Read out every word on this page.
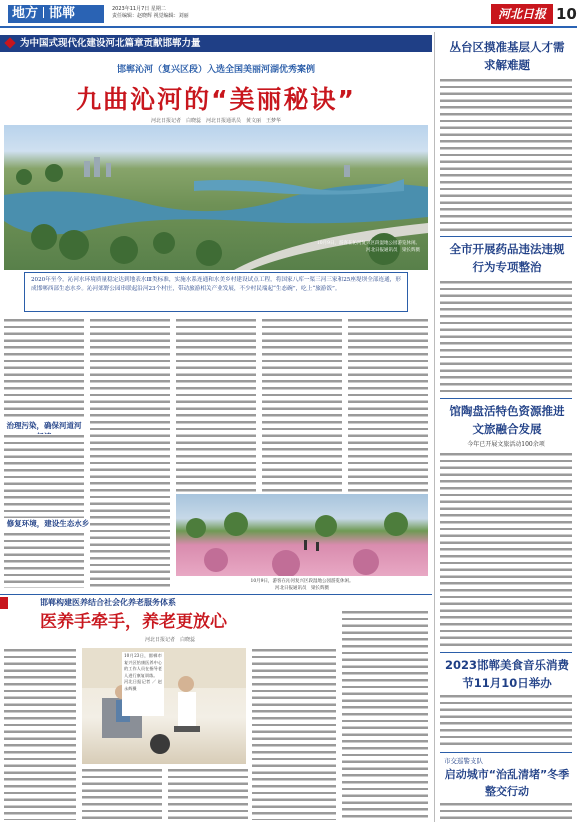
地方 邯郸	2023年11月7日 星期二
责任编辑：赵晓辉 视觉编辑：刘丽	河北日报 10
为中国式现代化建设河北篇章贡献邯郸力量
邯郸沁河（复兴区段）入选全国美丽河湖优秀案例
九曲沁河的“美丽秘诀”
河北日报记者　白晓蕊　河北日报通讯员　黄文丽　王梦华
10月9日，游客在沁河复兴区段湿地公园游览休闲。
河北日报通讯员　梁长辉摄
2020年至今，沁河水环境质量稳定达到地表水Ⅲ类标准，实施水系连通和水美乡村建设试点工程，将国家八库一渠三河三家和25座堤坝全部连通，形成邯郸西部生态水乡。沁河郊野公园串联起沿河23个村庄，带动旅游相关产业发展，不少村民端起“生态碗”，吃上“旅游饭”。
治理污染，确保河道河
修复环境，建设生态水乡
10月9日，游客在沁河复兴区段湿地公园游览休闲。
河北日报通讯员　梁长辉摄
邯郸构建医养结合社会化养老服务体系
医养手牵手，养老更放心
河北日报记者　白晓蕊
10月23日，邯郸市复兴区怡康医养中心的工作人员在指导老人进行康复训练。
河北日报记者 ／ 赵永辉摄
丛台区摸准基层人才需求解难题
全市开展药品违法违规行为专项整治
馆陶盘活特色资源推进文旅融合发展
今年已开展文旅活动100余项
2023邯郸美食音乐消费节11月10日举办
市交巡警支队
启动城市“治乱清堵”冬季整交行动
